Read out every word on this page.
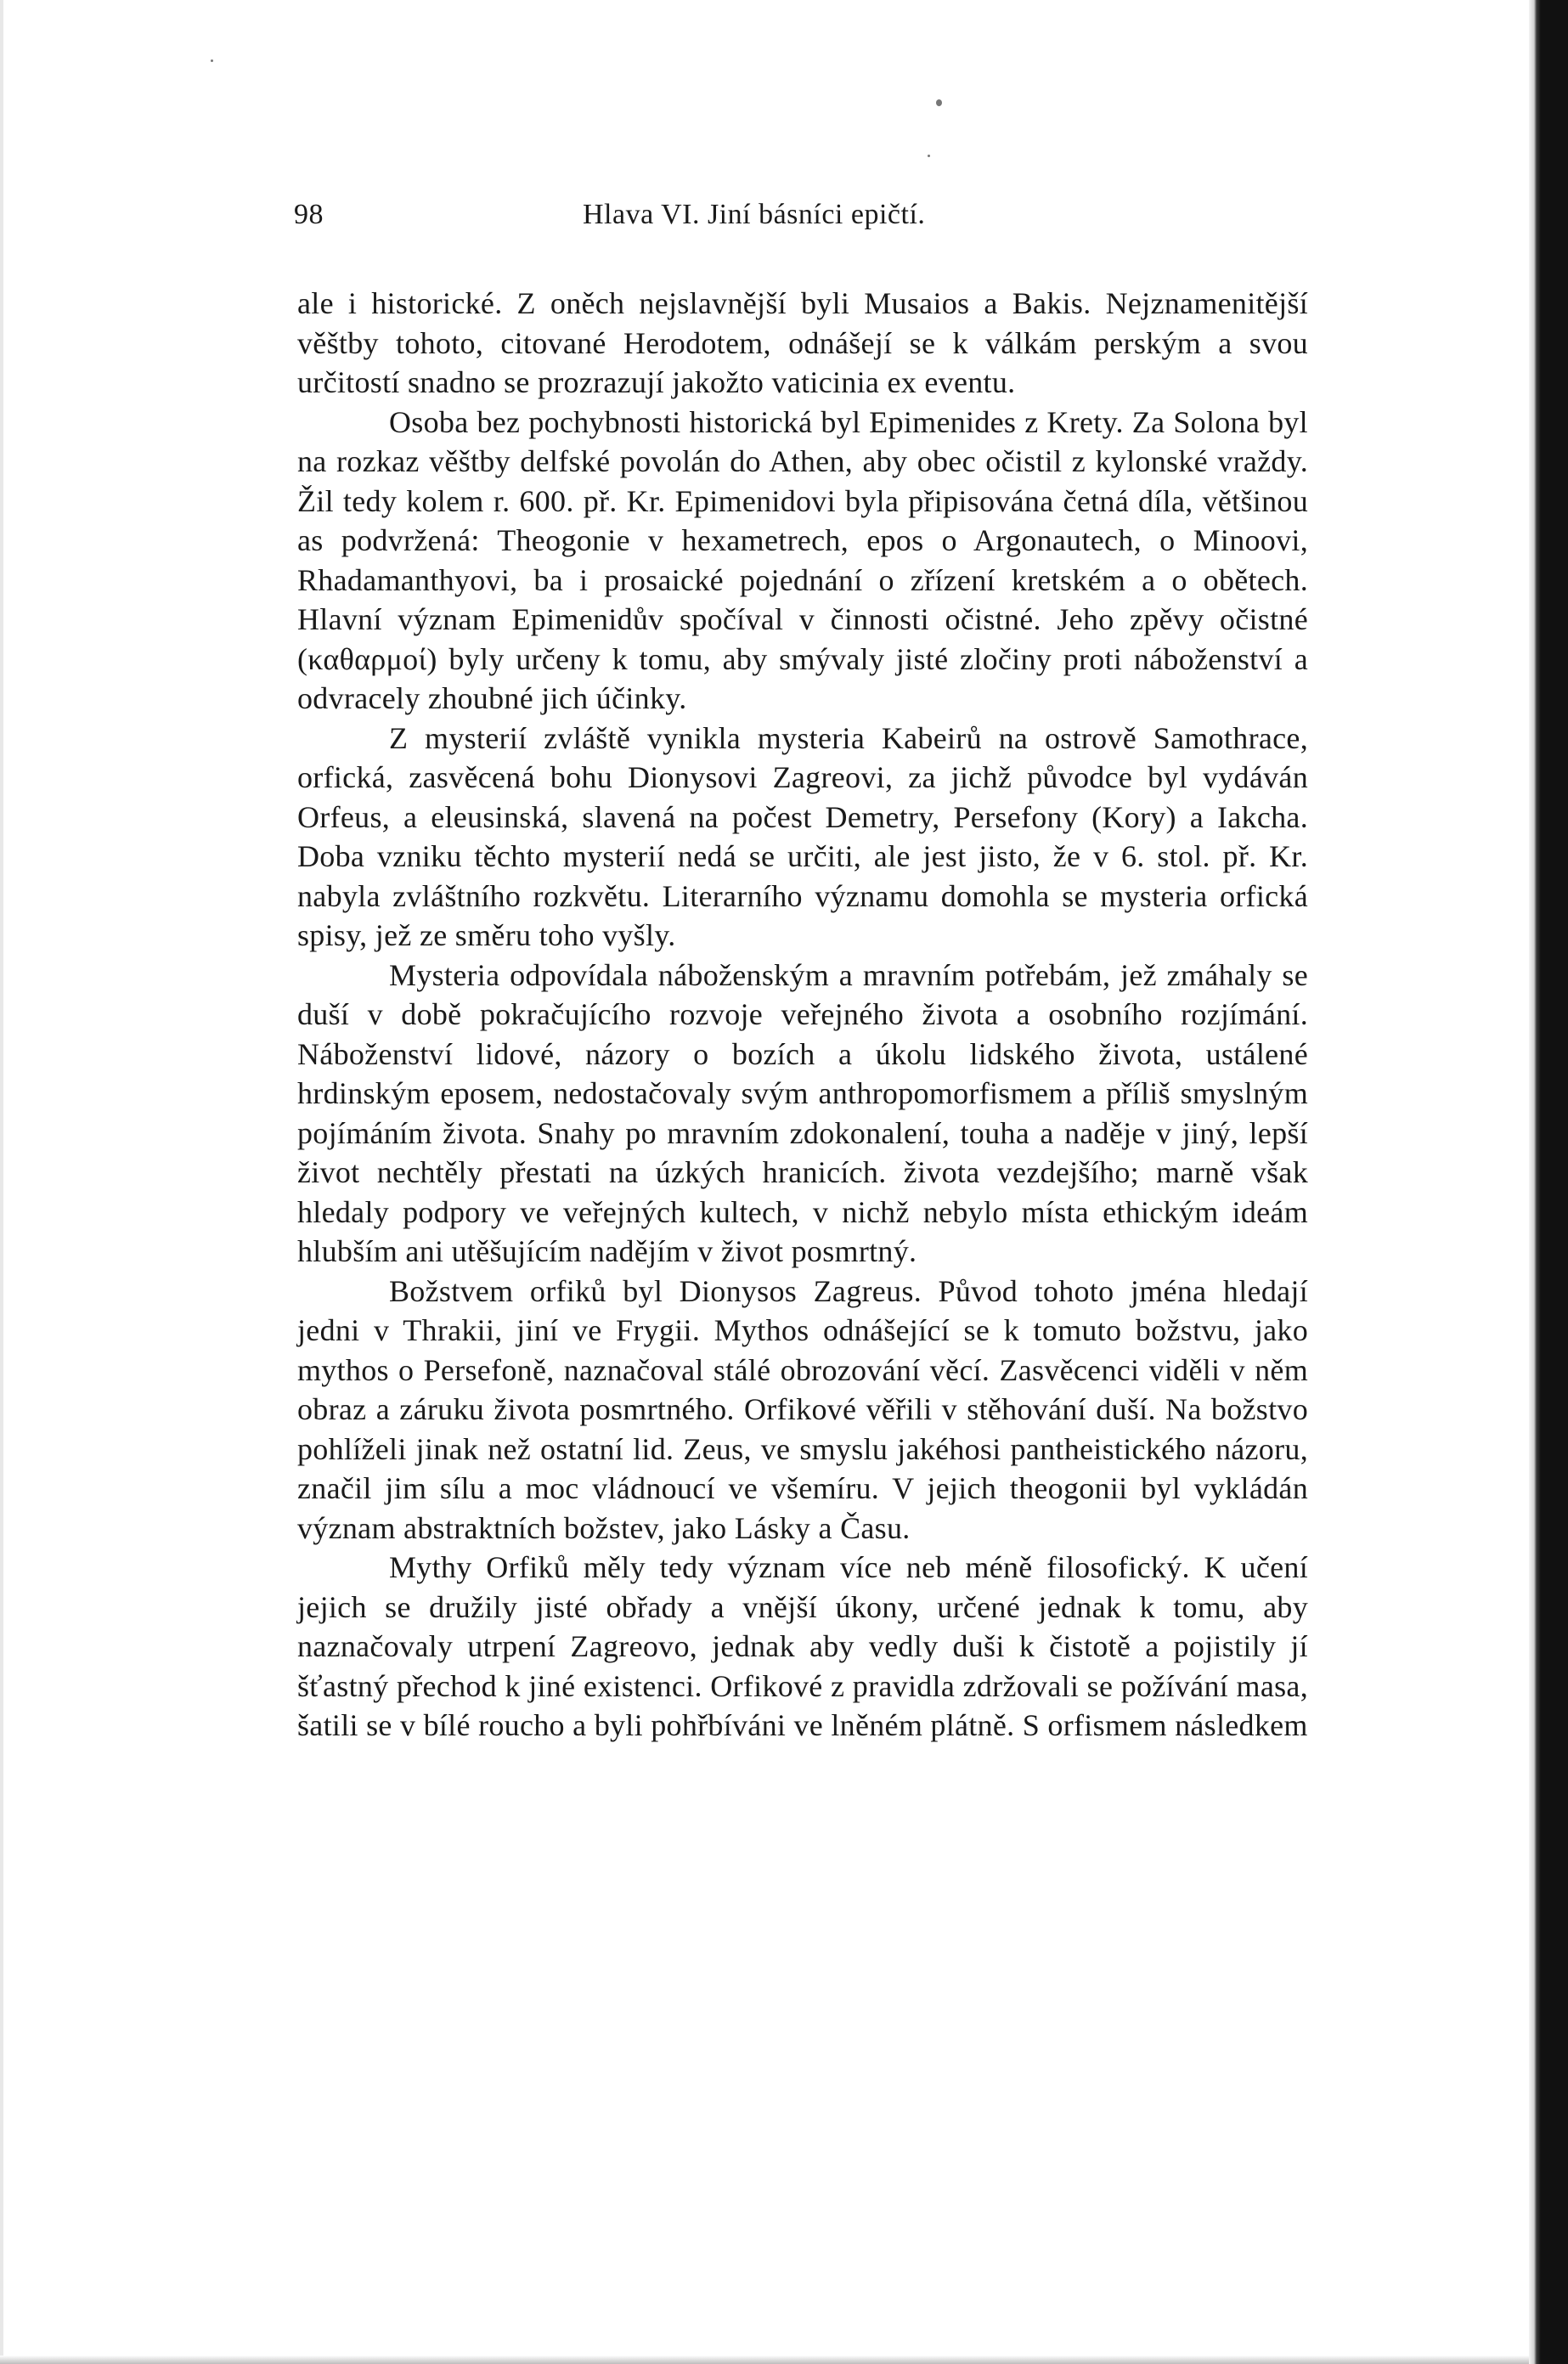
98	Hlava VI. Jiní básníci epičtí.

ale i historické. Z oněch nejslavnější byli Musaios a Bakis. Nejznamenitější věštby tohoto, citované Herodotem, odnášejí se k válkám perským a svou určitostí snadno se prozrazují jakožto vaticinia ex eventu.

Osoba bez pochybnosti historická byl Epimenides z Krety. Za Solona byl na rozkaz věštby delfské povolán do Athen, aby obec očistil z kylonské vraždy. Žil tedy kolem r. 600. př. Kr. Epimenidovi byla připisována četná díla, většinou as podvržená: Theogonie v hexametrech, epos o Argonautech, o Minoovi, Rhadamanthyovi, ba i prosaické pojednání o zřízení kretském a o obětech. Hlavní význam Epimenidův spočíval v činnosti očistné. Jeho zpěvy očistné (καθαρμοί) byly určeny k tomu, aby smývaly jisté zločiny proti náboženství a odvracely zhoubné jich účinky.

Z mysterií zvláště vynikla mysteria Kabeirů na ostrově Samothrace, orfická, zasvěcená bohu Dionysovi Zagreovi, za jichž původce byl vydáván Orfeus, a eleusinská, slavená na počest Demetry, Persefony (Kory) a Iakcha. Doba vzniku těchto mysterií nedá se určiti, ale jest jisto, že v 6. stol. př. Kr. nabyla zvláštního rozkvětu. Literarního významu domohla se mysteria orfická spisy, jež ze směru toho vyšly.

Mysteria odpovídala náboženským a mravním potřebám, jež zmáhaly se duší v době pokračujícího rozvoje veřejného života a osobního rozjímání. Náboženství lidové, názory o bozích a úkolu lidského života, ustálené hrdinským eposem, nedostačovaly svým anthropomorfismem a příliš smyslným pojímáním života. Snahy po mravním zdokonalení, touha a naděje v jiný, lepší život nechtěly přestati na úzkých hranicích. života vezdejšího; marně však hledaly podpory ve veřejných kultech, v nichž nebylo místa ethickým ideám hlubším ani utěšujícím nadějím v život posmrtný.

Božstvem orfiků byl Dionysos Zagreus. Původ tohoto jména hledají jedni v Thrakii, jiní ve Frygii. Mythos odnášející se k tomuto božstvu, jako mythos o Persefoně, naznačoval stálé obrozování věcí. Zasvěcenci viděli v něm obraz a záruku života posmrtného. Orfikové věřili v stěhování duší. Na božstvo pohlíželi jinak než ostatní lid. Zeus, ve smyslu jakéhosi pantheistického názoru, značil jim sílu a moc vládnoucí ve všemíru. V jejich theogonii byl vykládán význam abstraktních božstev, jako Lásky a Času.

Mythy Orfiků měly tedy význam více neb méně filosofický. K učení jejich se družily jisté obřady a vnější úkony, určené jednak k tomu, aby naznačovaly utrpení Zagreovo, jednak aby vedly duši k čistotě a pojistily jí šťastný přechod k jiné existenci. Orfikové z pravidla zdržovali se požívání masa, šatili se v bílé roucho a byli pohřbíváni ve lněném plátně. S orfismem následkem
